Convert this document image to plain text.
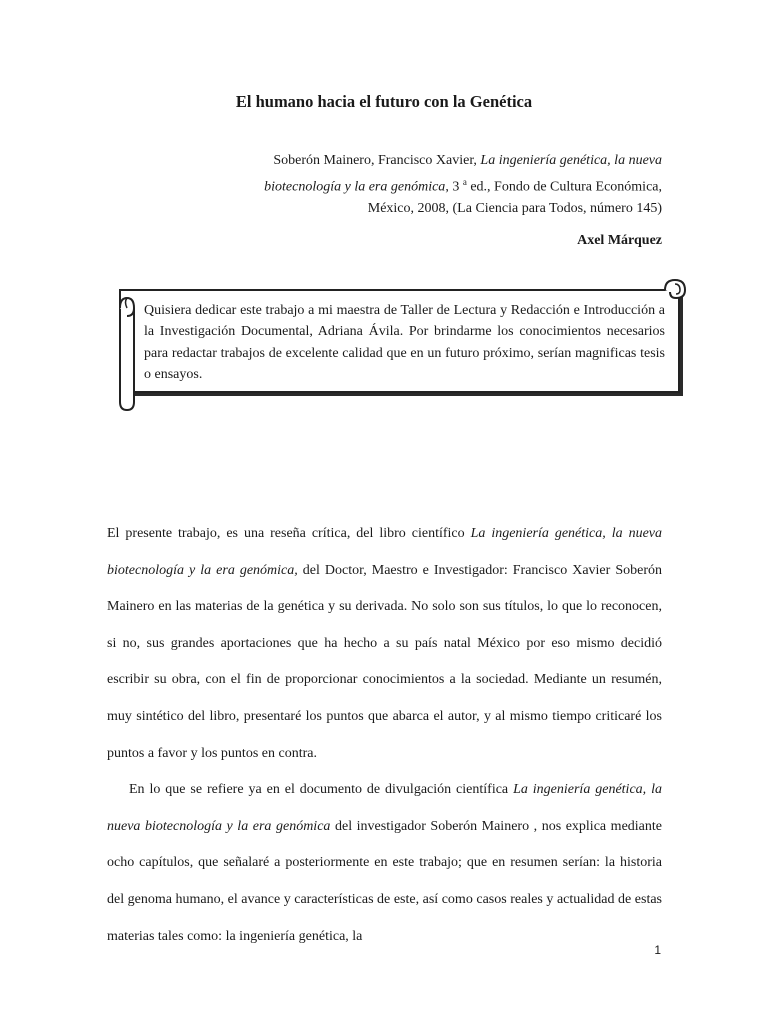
El humano hacia el futuro con la Genética
Soberón Mainero, Francisco Xavier, La ingeniería genética, la nueva biotecnología y la era genómica, 3 $^a$ ed., Fondo de Cultura Económica, México, 2008, (La Ciencia para Todos, número 145)
Axel Márquez
Quisiera dedicar este trabajo a mi maestra de Taller de Lectura y Redacción e Introducción a la Investigación Documental, Adriana Ávila. Por brindarme los conocimientos necesarios para redactar trabajos de excelente calidad que en un futuro próximo, serían magnificas tesis o ensayos.

El presente trabajo, es una reseña crítica, del libro científico La ingeniería genética, la nueva biotecnología y la era genómica, del Doctor, Maestro e Investigador: Francisco Xavier Soberón Mainero en las materias de la genética y su derivada. No solo son sus títulos, lo que lo reconocen, si no, sus grandes aportaciones que ha hecho a su país natal México por eso mismo decidió escribir su obra, con el fin de proporcionar conocimientos a la sociedad. Mediante un resumén, muy sintético del libro, presentaré los puntos que abarca el autor, y al mismo tiempo criticaré los puntos a favor y los puntos en contra.

En lo que se refiere ya en el documento de divulgación científica La ingeniería genética, la nueva biotecnología y la era genómica del investigador Soberón Mainero , nos explica mediante ocho capítulos, que señalaré a posteriormente en este trabajo; que en resumen serían: la historia del genoma humano, el avance y características de este, así como casos reales y actualidad de estas materias tales como: la ingeniería genética, la

1
